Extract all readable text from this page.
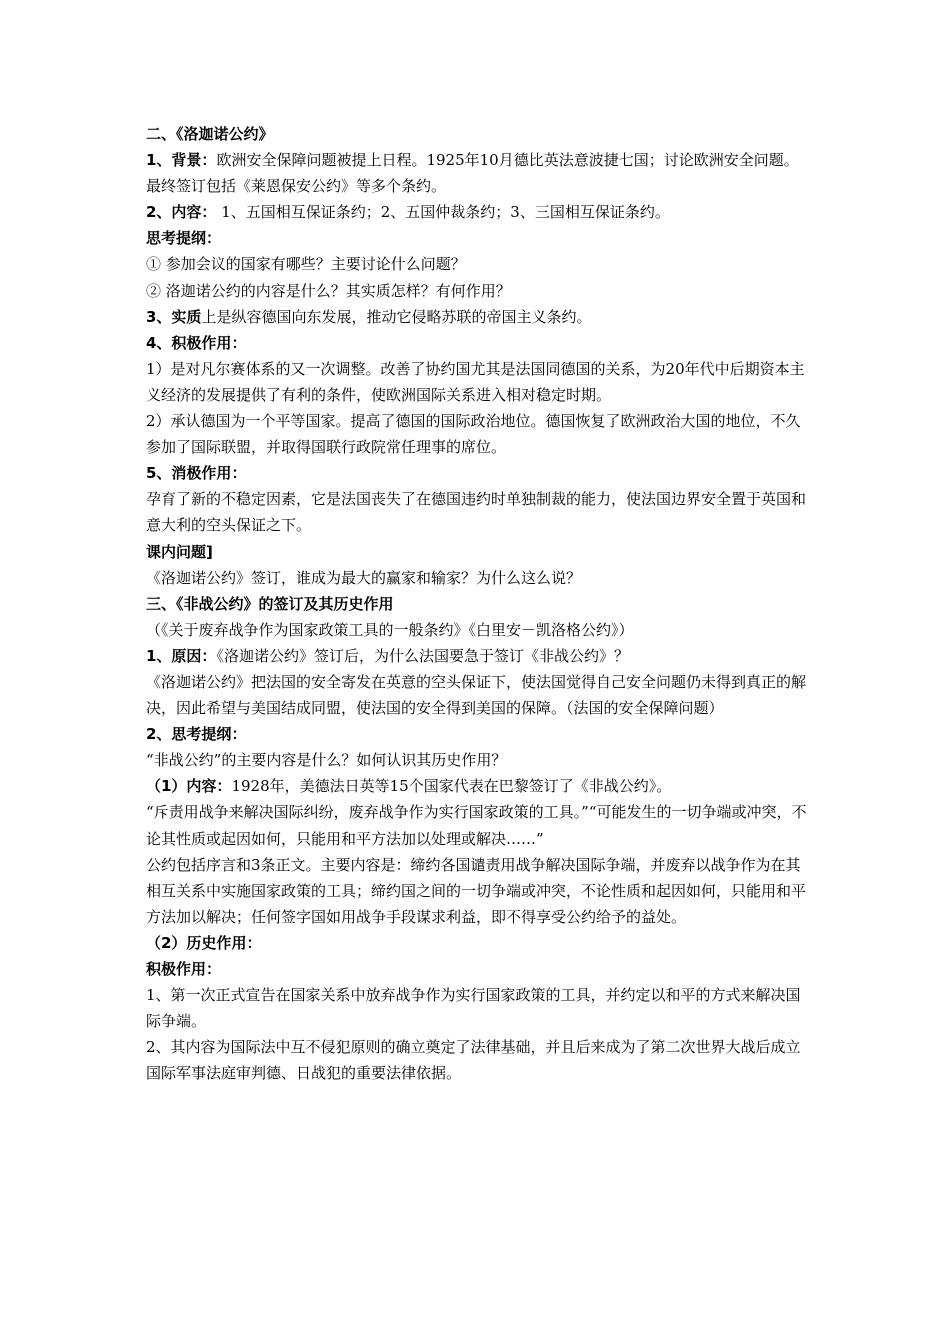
二、《洛迦诺公约》

1、背景：欧洲安全保障问题被提上日程。1925年10月德比英法意波捷七国；讨论欧洲安全问题。最终签订包括《莱恩保安公约》等多个条约。

2、内容： 1、五国相互保证条约；2、五国仲裁条约；3、三国相互保证条约。

思考提纲：

① 参加会议的国家有哪些？主要讨论什么问题？

② 洛迦诺公约的内容是什么？其实质怎样？有何作用？

3、实质上是纵容德国向东发展，推动它侵略苏联的帝国主义条约。

4、积极作用：

1）是对凡尔赛体系的又一次调整。改善了协约国尤其是法国同德国的关系，为20年代中后期资本主义经济的发展提供了有利的条件，使欧洲国际关系进入相对稳定时期。

2）承认德国为一个平等国家。提高了德国的国际政治地位。德国恢复了欧洲政治大国的地位，不久参加了国际联盟，并取得国联行政院常任理事的席位。

5、消极作用：

孕育了新的不稳定因素，它是法国丧失了在德国违约时单独制裁的能力，使法国边界安全置于英国和意大利的空头保证之下。

课内问题]

《洛迦诺公约》签订，谁成为最大的赢家和输家？为什么这么说？

三、《非战公约》的签订及其历史作用

（《关于废弃战争作为国家政策工具的一般条约》《白里安－凯洛格公约》）

1、原因：《洛迦诺公约》签订后，为什么法国要急于签订《非战公约》？

《洛迦诺公约》把法国的安全寄发在英意的空头保证下，使法国觉得自己安全问题仍未得到真正的解决，因此希望与美国结成同盟，使法国的安全得到美国的保障。（法国的安全保障问题）

2、思考提纲：

“非战公约”的主要内容是什么？如何认识其历史作用？

（1）内容：1928年，美德法日英等15个国家代表在巴黎签订了《非战公约》。

“斥责用战争来解决国际纠纷，废弃战争作为实行国家政策的工具。”“可能发生的一切争端或冲突，不论其性质或起因如何，只能用和平方法加以处理或解决……”

公约包括序言和3条正文。主要内容是：缔约各国谴责用战争解决国际争端，并废弃以战争作为在其相互关系中实施国家政策的工具；缔约国之间的一切争端或冲突，不论性质和起因如何，只能用和平方法加以解决；任何签字国如用战争手段谋求利益，即不得享受公约给予的益处。

（2）历史作用：

积极作用：

1、第一次正式宣告在国家关系中放弃战争作为实行国家政策的工具，并约定以和平的方式来解决国际争端。

2、其内容为国际法中互不侵犯原则的确立奠定了法律基础，并且后来成为了第二次世界大战后成立国际军事法庭审判德、日战犯的重要法律依据。
